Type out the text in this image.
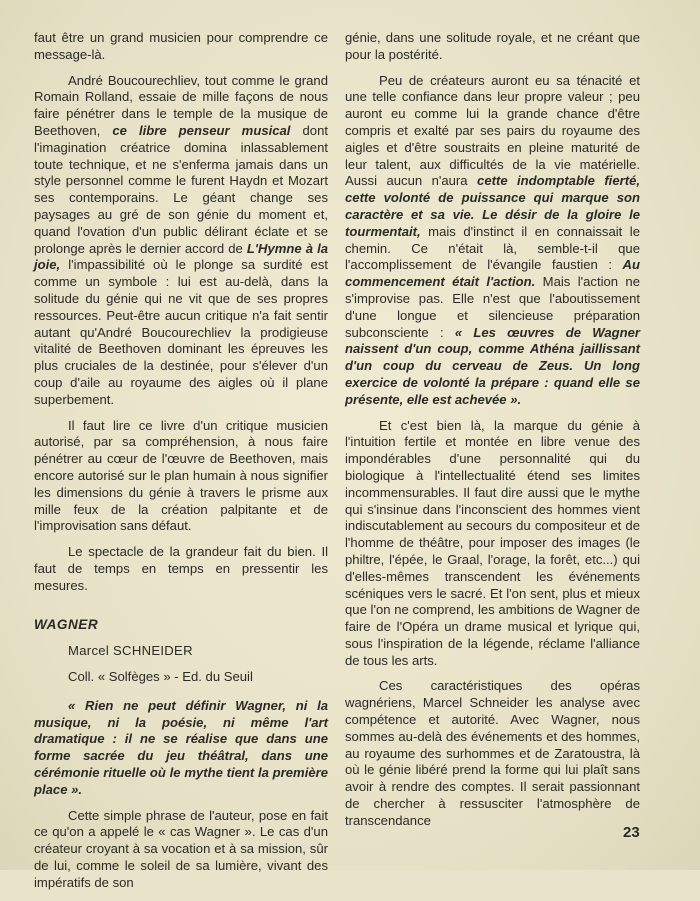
faut être un grand musicien pour comprendre ce message-là.

André Boucourechliev, tout comme le grand Romain Rolland, essaie de mille façons de nous faire pénétrer dans le temple de la musique de Beethoven, ce libre penseur musical dont l'imagination créatrice domina inlassablement toute technique, et ne s'enferma jamais dans un style personnel comme le furent Haydn et Mozart ses contemporains. Le géant change ses paysages au gré de son génie du moment et, quand l'ovation d'un public délirant éclate et se prolonge après le dernier accord de L'Hymne à la joie, l'impassibilité où le plonge sa surdité est comme un symbole : lui est au-delà, dans la solitude du génie qui ne vit que de ses propres ressources. Peut-être aucun critique n'a fait sentir autant qu'André Boucourechliev la prodigieuse vitalité de Beethoven dominant les épreuves les plus cruciales de la destinée, pour s'élever d'un coup d'aile au royaume des aigles où il plane superbement.

Il faut lire ce livre d'un critique musicien autorisé, par sa compréhension, à nous faire pénétrer au cœur de l'œuvre de Beethoven, mais encore autorisé sur le plan humain à nous signifier les dimensions du génie à travers le prisme aux mille feux de la création palpitante et de l'improvisation sans défaut.

Le spectacle de la grandeur fait du bien. Il faut de temps en temps en pressentir les mesures.

WAGNER

Marcel SCHNEIDER

Coll. « Solfèges » - Ed. du Seuil

« Rien ne peut définir Wagner, ni la musique, ni la poésie, ni même l'art dramatique : il ne se réalise que dans une forme sacrée du jeu théâtral, dans une cérémonie rituelle où le mythe tient la première place ».

Cette simple phrase de l'auteur, pose en fait ce qu'on a appelé le « cas Wagner ». Le cas d'un créateur croyant à sa vocation et à sa mission, sûr de lui, comme le soleil de sa lumière, vivant des impératifs de son

génie, dans une solitude royale, et ne créant que pour la postérité.

Peu de créateurs auront eu sa ténacité et une telle confiance dans leur propre valeur ; peu auront eu comme lui la grande chance d'être compris et exalté par ses pairs du royaume des aigles et d'être soustraits en pleine maturité de leur talent, aux difficultés de la vie matérielle. Aussi aucun n'aura cette indomptable fierté, cette volonté de puissance qui marque son caractère et sa vie. Le désir de la gloire le tourmentait, mais d'instinct il en connaissait le chemin. Ce n'était là, semble-t-il que l'accomplissement de l'évangile faustien : Au commencement était l'action. Mais l'action ne s'improvise pas. Elle n'est que l'aboutissement d'une longue et silencieuse préparation subconsciente : « Les œuvres de Wagner naissent d'un coup, comme Athéna jaillissant d'un coup du cerveau de Zeus. Un long exercice de volonté la prépare : quand elle se présente, elle est achevée ».

Et c'est bien là, la marque du génie à l'intuition fertile et montée en libre venue des impondérables d'une personnalité qui du biologique à l'intellectualité étend ses limites incommensurables. Il faut dire aussi que le mythe qui s'insinue dans l'inconscient des hommes vient indiscutablement au secours du compositeur et de l'homme de théâtre, pour imposer des images (le philtre, l'épée, le Graal, l'orage, la forêt, etc...) qui d'elles-mêmes transcendent les événements scéniques vers le sacré. Et l'on sent, plus et mieux que l'on ne comprend, les ambitions de Wagner de faire de l'Opéra un drame musical et lyrique qui, sous l'inspiration de la légende, réclame l'alliance de tous les arts.

Ces caractéristiques des opéras wagnériens, Marcel Schneider les analyse avec compétence et autorité. Avec Wagner, nous sommes au-delà des événements et des hommes, au royaume des surhommes et de Zaratoustra, là où le génie libéré prend la forme qui lui plaît sans avoir à rendre des comptes. Il serait passionnant de chercher à ressusciter l'atmosphère de transcendance

23
